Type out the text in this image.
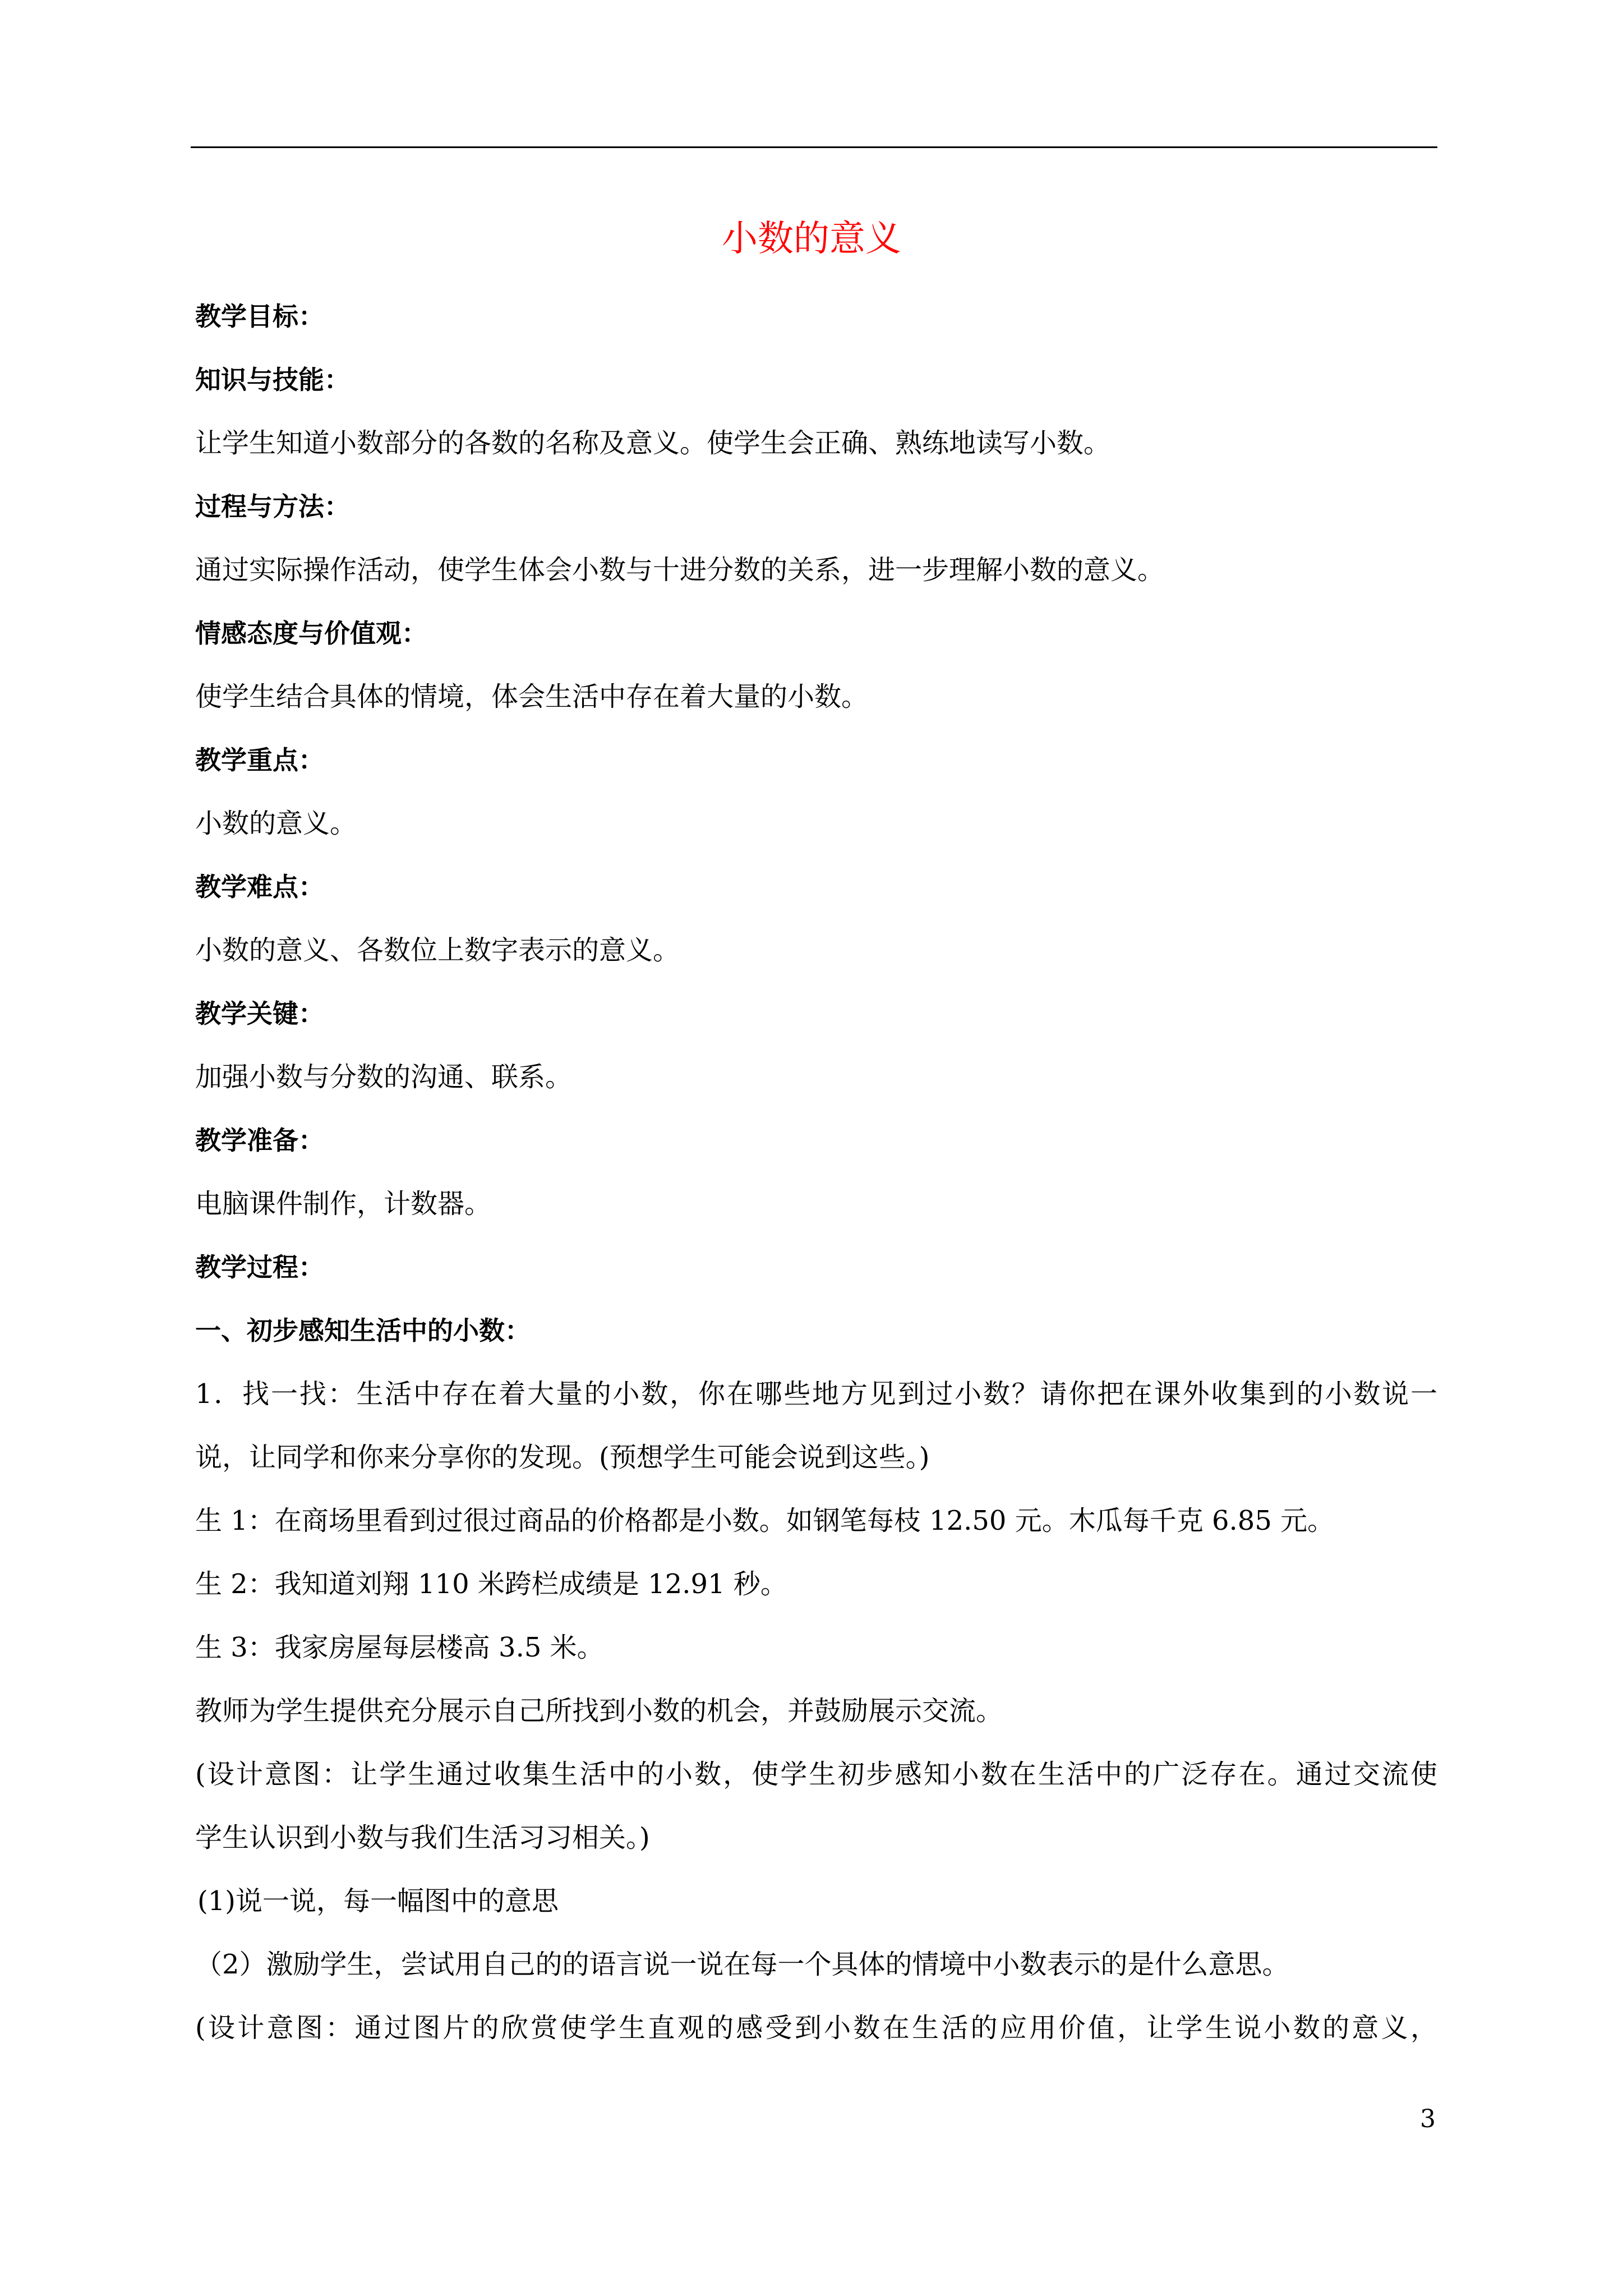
小数的意义
教学目标：
知识与技能：
让学生知道小数部分的各数的名称及意义。使学生会正确、熟练地读写小数。
过程与方法：
通过实际操作活动，使学生体会小数与十进分数的关系，进一步理解小数的意义。
情感态度与价值观：
使学生结合具体的情境，体会生活中存在着大量的小数。
教学重点：
小数的意义。
教学难点：
小数的意义、各数位上数字表示的意义。
教学关键：
加强小数与分数的沟通、联系。
教学准备：
电脑课件制作，计数器。
教学过程：
一、初步感知生活中的小数：
1．找一找：生活中存在着大量的小数，你在哪些地方见到过小数？请你把在课外收集到的小数说一
说，让同学和你来分享你的发现。(预想学生可能会说到这些。)
生 1：在商场里看到过很过商品的价格都是小数。如钢笔每枝 12.50 元。木瓜每千克 6.85 元。
生 2：我知道刘翔 110 米跨栏成绩是 12.91 秒。
生 3：我家房屋每层楼高 3.5 米。
教师为学生提供充分展示自己所找到小数的机会，并鼓励展示交流。
(设计意图：让学生通过收集生活中的小数，使学生初步感知小数在生活中的广泛存在。通过交流使
学生认识到小数与我们生活习习相关。)
(1)说一说，每一幅图中的意思
（2）激励学生，尝试用自己的的语言说一说在每一个具体的情境中小数表示的是什么意思。
(设计意图：通过图片的欣赏使学生直观的感受到小数在生活的应用价值，让学生说小数的意义，
3
